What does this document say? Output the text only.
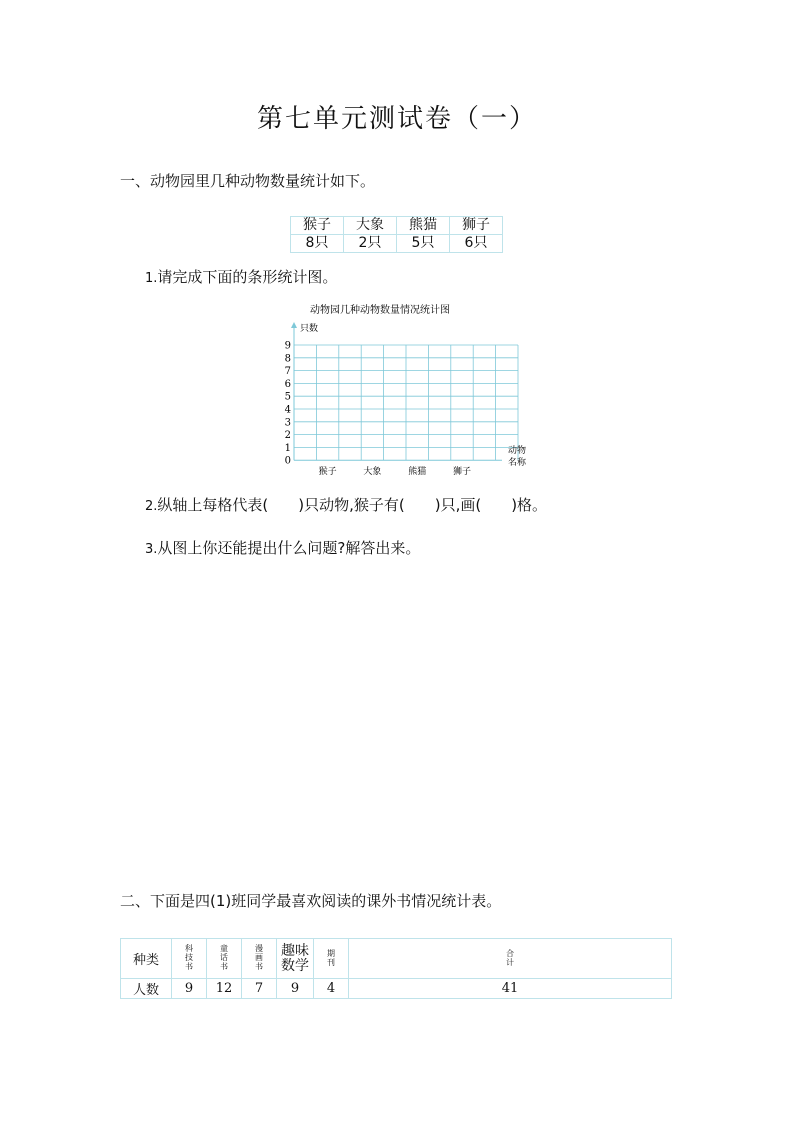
第七单元测试卷（一）
一、动物园里几种动物数量统计如下。
猴子	大象	熊猫	狮子
8只	2只	5只	6只
1.请完成下面的条形统计图。
动物园几种动物数量情况统计图
0
1
2
3
4
5
6
7
8
9
猴子	大象	熊猫	狮子
只数
动物
名称
2.纵轴上每格代表(　　)只动物,猴子有(　　)只,画(　　)格。
3.从图上你还能提出什么问题?解答出来。
二、下面是四(1)班同学最喜欢阅读的课外书情况统计表。
种类	科技书	童话书	漫画书	趣味数学	期刊	合计
人数	9	12	7	9	4	41
